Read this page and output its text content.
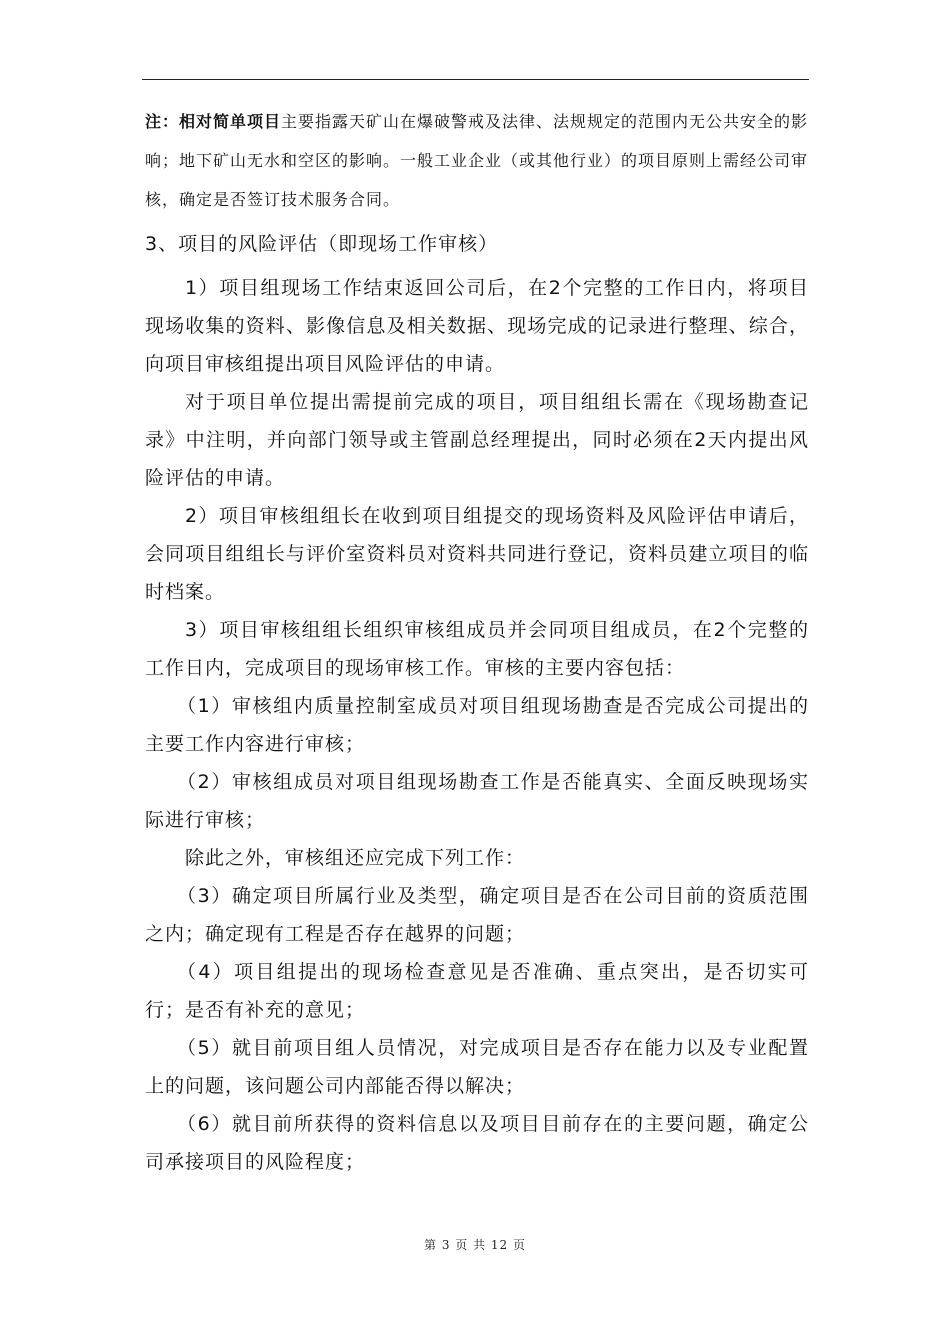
注：相对简单项目主要指露天矿山在爆破警戒及法律、法规规定的范围内无公共安全的影响；地下矿山无水和空区的影响。一般工业企业（或其他行业）的项目原则上需经公司审核，确定是否签订技术服务合同。

3、项目的风险评估（即现场工作审核）

1）项目组现场工作结束返回公司后，在2个完整的工作日内，将项目现场收集的资料、影像信息及相关数据、现场完成的记录进行整理、综合，向项目审核组提出项目风险评估的申请。

对于项目单位提出需提前完成的项目，项目组组长需在《现场勘查记录》中注明，并向部门领导或主管副总经理提出，同时必须在2天内提出风险评估的申请。

2）项目审核组组长在收到项目组提交的现场资料及风险评估申请后，会同项目组组长与评价室资料员对资料共同进行登记，资料员建立项目的临时档案。

3）项目审核组组长组织审核组成员并会同项目组成员，在2个完整的工作日内，完成项目的现场审核工作。审核的主要内容包括：

（1）审核组内质量控制室成员对项目组现场勘查是否完成公司提出的主要工作内容进行审核；

（2）审核组成员对项目组现场勘查工作是否能真实、全面反映现场实际进行审核；

除此之外，审核组还应完成下列工作：

（3）确定项目所属行业及类型，确定项目是否在公司目前的资质范围之内；确定现有工程是否存在越界的问题；

（4）项目组提出的现场检查意见是否准确、重点突出，是否切实可行；是否有补充的意见；

（5）就目前项目组人员情况，对完成项目是否存在能力以及专业配置上的问题，该问题公司内部能否得以解决；

（6）就目前所获得的资料信息以及项目目前存在的主要问题，确定公司承接项目的风险程度；

第 3 页 共 12 页
